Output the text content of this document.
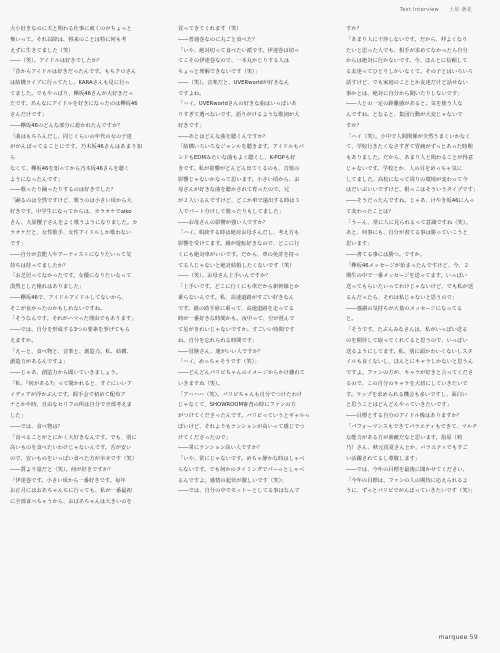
Text Interview 土屋 萌花

大小好きなのに犬と関わる仕事に就くのがちょっと

怖いって。それ以降は、将来のことは特に何も考

えずに生きてました（笑）

――（笑）。アイドルは好きでしたか？

「昔からアイドルは好きだったんです。もちクロさん

は結構ライブに行ってたし、KARAさんも見に行っ

てました。でもやっぱり、欅坂46さんが大好きだっ

たです。あんなにアイドルを好きになったのは欅坂46

さんだけです」

――欅坂46のどんな部分に惹かれたんですか？

「曲はもちろんだし、同じくらいの年代の女の子達

ががんばってることにです。乃木坂46さんはあまり知ら

なくて、欅坂46を知ってから乃木坂46さんを聴く

ようになったんです」

――歌ったり踊ったりするのは好きでした？

「踊るのは全然ですけど、歌うのは小さい頃から大

好きです。中学生になってからは、カラオケでaiko

さん、大原櫻子さんをよく歌うようになりました。カ

ラオケだと、女性歌手、女性アイドルしか歌わない

です」

――自分が芸能人やアーティストになりたいって気

持ちは持ってましたか？

「お芝居ってなかったです。女優になりたいなって

漠然とした憧れはありました」

――欅坂46で、アイドルアイドルしてないから、

そこが良かったのかもしれないですね。

「そうなんです。それがハマった理由でもあります」

――では、自分を形成する3つの要素を挙げてもら

えますか。

「えーと、食べ物と、音楽と、創造力。私、結構、

創造力があるんですよ」

――じゃあ、創造力から聞いていきましょう。

「私、『何がある?』って聞かれると、すぐにいいア

イディアが浮かぶんです。握手会で初めて配布ア

ナとかや時、自由なセリフの所は自分で全部考えま

した」

――では、食べ物は？

「食べることがとにかく大好きなんです。でも、別に

高いものを食べたいわけじゃないんです。舌が安い

ので、安いものをいっぱい食べた方が幸せです（笑）

――質より量だと（笑）。何が好きですか？

「伊達巻です。小さい頃から一番好きです。毎年

お正月にはおあちゃんちに行っても、私が一番最初

に全部食べちゃうから、おばあちゃんは大きいのを

買ってきてくれます（笑）

――普通巻なのに丸ごと食べた？

「いや、絶対切って食べたい派です。伊達巻は切っ

てこその伊達巻なので、一本丸かじりする人は

ちょっと理解できないです（笑）」

――（笑）。音楽だと、UVERworldが好きなん

ですよね。

「ハイ。UVERworldさんの好きな曲はいっぱいあ

りすぎて選べないです。語りがけるような歌詞が大

好きです」

――あとはどんな曲を聴くんですか？

「結構いろいろなジャンルを聴きます。アイドルもバ

ンドもEDMみたいな曲もよく聴くし、K-POPも好

きです。私が影響がどんどん出てくるのも、音楽の

影響じゃないかなって思います。小さい頃から、お

母さんが好きな曲を聴かされて育ったので。兄

が２人いるんですけど、どこか車で遠出する時は３

人でパート分けして歌ったりもしてました」

――お母さんの影響が強い人ですか？

「ハイ。相談する時は絶対お母さんだし、考え方も

影響を受けてます。親が遊転好きなので、どこに行

くにも絶対車がいいです。だから、車の免許を持っ

てる人じゃないと絶対結婚したくないです（笑）

――（笑）。お母さん上手いんですか？

「上手いです。どこに行くにも車だから新幹線とか

乗らないんです。私、高速道路がすごい好きなん

です。親の助手席に乗って、高速道路を走ってる

時が一番好きな時間かも。夜中って、空が澄んで

て星がきれいじゃないですか。すごいい時間です

ね。自分を忘れられる時間です」

――冒険さん、運がいい人ですか？

「ハイ。めっちゃそうです（笑）」

――どんどんパリピちゃんのイメージからかけ離れて

いきますね（笑）。

「アハハハ（笑）。パリピちゃんも自分でつけたわけ

じゃなくて、SHOWROOM審査の時にファンの方

がつけてくださったんです。パリピっていうとギャルっ

ぽいけど、それよりもテンションが高いって感じでつ

けてくださったので」

――常にテンション高い人ですか？

「いや、常にじゃないです。めちゃ静かな時はしゃべ

らないです。でも何かのタイミングでパーっとしゃべ

るんですよ。感情の起伏が激しいです（笑）」

――では、自分の中でモットーとしてる事はなんで

すか？

「あまり人に干渉しないです。だから、仲よくなり

たいと思った人でも、相手が求めてなかったら自分

からは絶対に行かないです。今、ほんとに信頼して

る友達ってひとりしかいなくて。その子とはいろいろ

話すけど、でも家庭のこととか友達だけど話せない

事かとは、絶対に自分から聞いたりしないです」

――人との一定の距離感があると。気を使う人な

んですね。となると、集団行動が大変じゃないで

すか？

「ハイ（笑）。小中で人間関係が全然うまくいかなく

て、学校行きたくなさすぎて胃痛がずっとあった時期

もありました。だから、あまり人と関わることが得意

じゃないです。学校とか、人の目をめっちゃ気に

してました。高校になって周りの環境が変わって今

はだいぶいいですけど、根っこはそういうタイプです」

――そうだったんですね。じゃあ、けやき坂46に入っ

て変わったことは？

「うーん、常に人に見られるって意識ですね（笑）。

あと、何事にも、自分が書てる事は勝っていこうと

思います」

――書てる事には勝つ。ですか。

「欅坂46メッセージが始まったんですけど、今、２

期生の中で一番メッセージを送ってます。いっぱい

送ってもらいたいってわけじゃないけど、でも私が送

るんだったら、それは私じゃないと思うので」

――感謝の気持ちが大量のメッセージになってる

と。

「そうです。たぶんみなさんは、私がいっぱい送る

のを期待して取ってくれてると思うので、いっぱい

送るようにしてます。私、別に頭かわいくないしスタ

イルも良くないし、ほんとにキャラしかないと思うん

ですよ。ファンの方が、キャラが好きと言ってくださ

るので、この自分のキャラを大切にしていきたいで

す。ラップを求められる機会も多いですし、面白い

と思うことはどんどんやっていきたいです」

――目標とする自分のアイドル像はありますか？

「パフォーマンスもできてバラエティもできて、マルチ

な能力がある方が素敵だなと思います。指原（莉

乃）さん、秋元真夏さんとか、バラエティでもすご

い活躍されてるし尊敬します」

――では、今年の目標を最後に聞かせてください。

「今年の目標は、ファンの人の期待に応えられるよ

うに、ずっとパリピでがんばっていきたいです（笑）」

marquee 59
